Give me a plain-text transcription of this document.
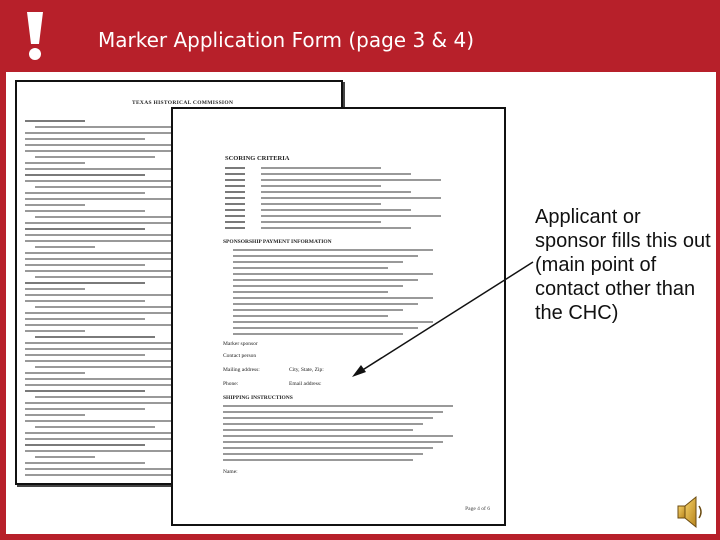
Marker Application Form (page 3 & 4)
TEXAS HISTORICAL COMMISSION
SCORING CRITERIA
SPONSORSHIP PAYMENT INFORMATION
Marker sponsor
Contact person
Mailing address:	City, State, Zip:
Phone:	Email address:
SHIPPING INSTRUCTIONS
Name:
Page 4 of 6
Applicant or sponsor fills this out (main point of contact other than the CHC)
